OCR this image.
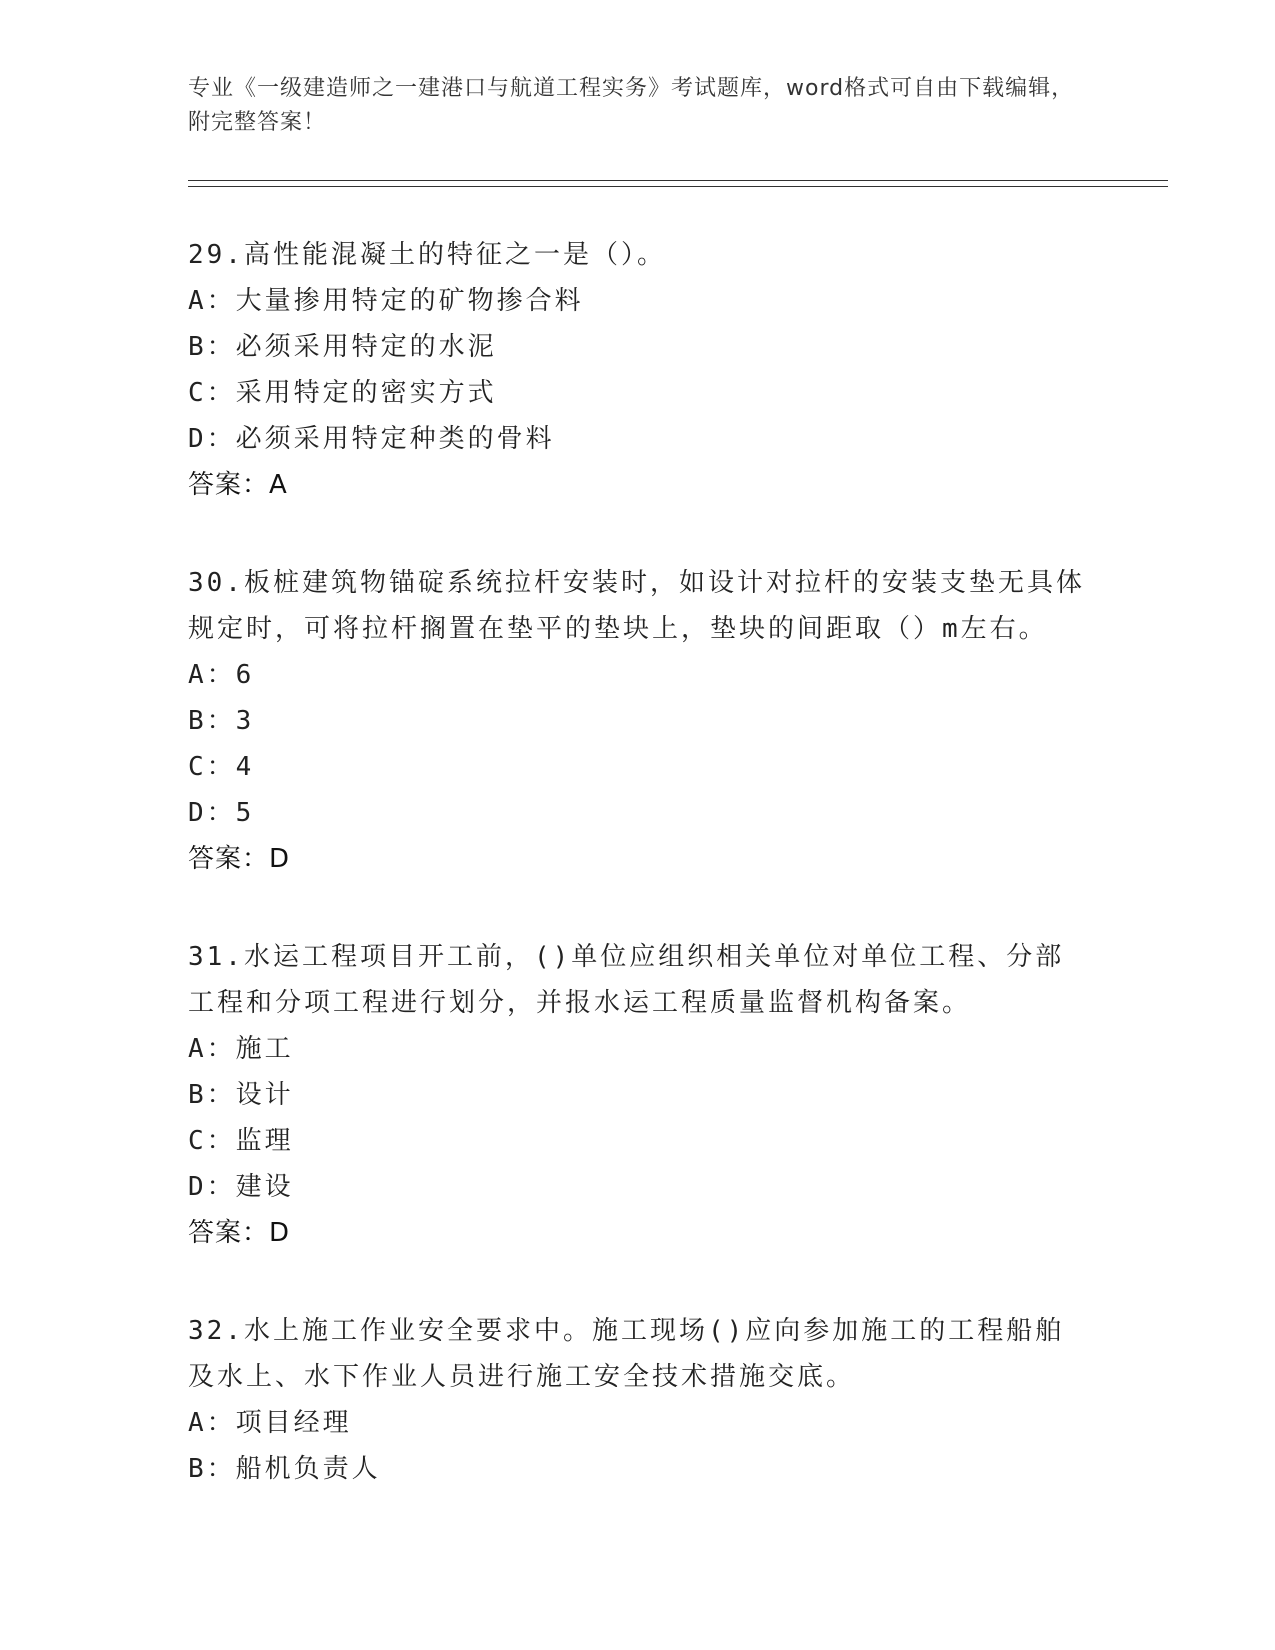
专业《一级建造师之一建港口与航道工程实务》考试题库，word格式可自由下载编辑，附完整答案！
29.高性能混凝土的特征之一是（）。
A：大量掺用特定的矿物掺合料
B：必须采用特定的水泥
C：采用特定的密实方式
D：必须采用特定种类的骨料
答案：A
30.板桩建筑物锚碇系统拉杆安装时，如设计对拉杆的安装支垫无具体规定时，可将拉杆搁置在垫平的垫块上，垫块的间距取（）m左右。
A：6
B：3
C：4
D：5
答案：D
31.水运工程项目开工前，()单位应组织相关单位对单位工程、分部工程和分项工程进行划分，并报水运工程质量监督机构备案。
A：施工
B：设计
C：监理
D：建设
答案：D
32.水上施工作业安全要求中。施工现场()应向参加施工的工程船舶及水上、水下作业人员进行施工安全技术措施交底。
A：项目经理
B：船机负责人
